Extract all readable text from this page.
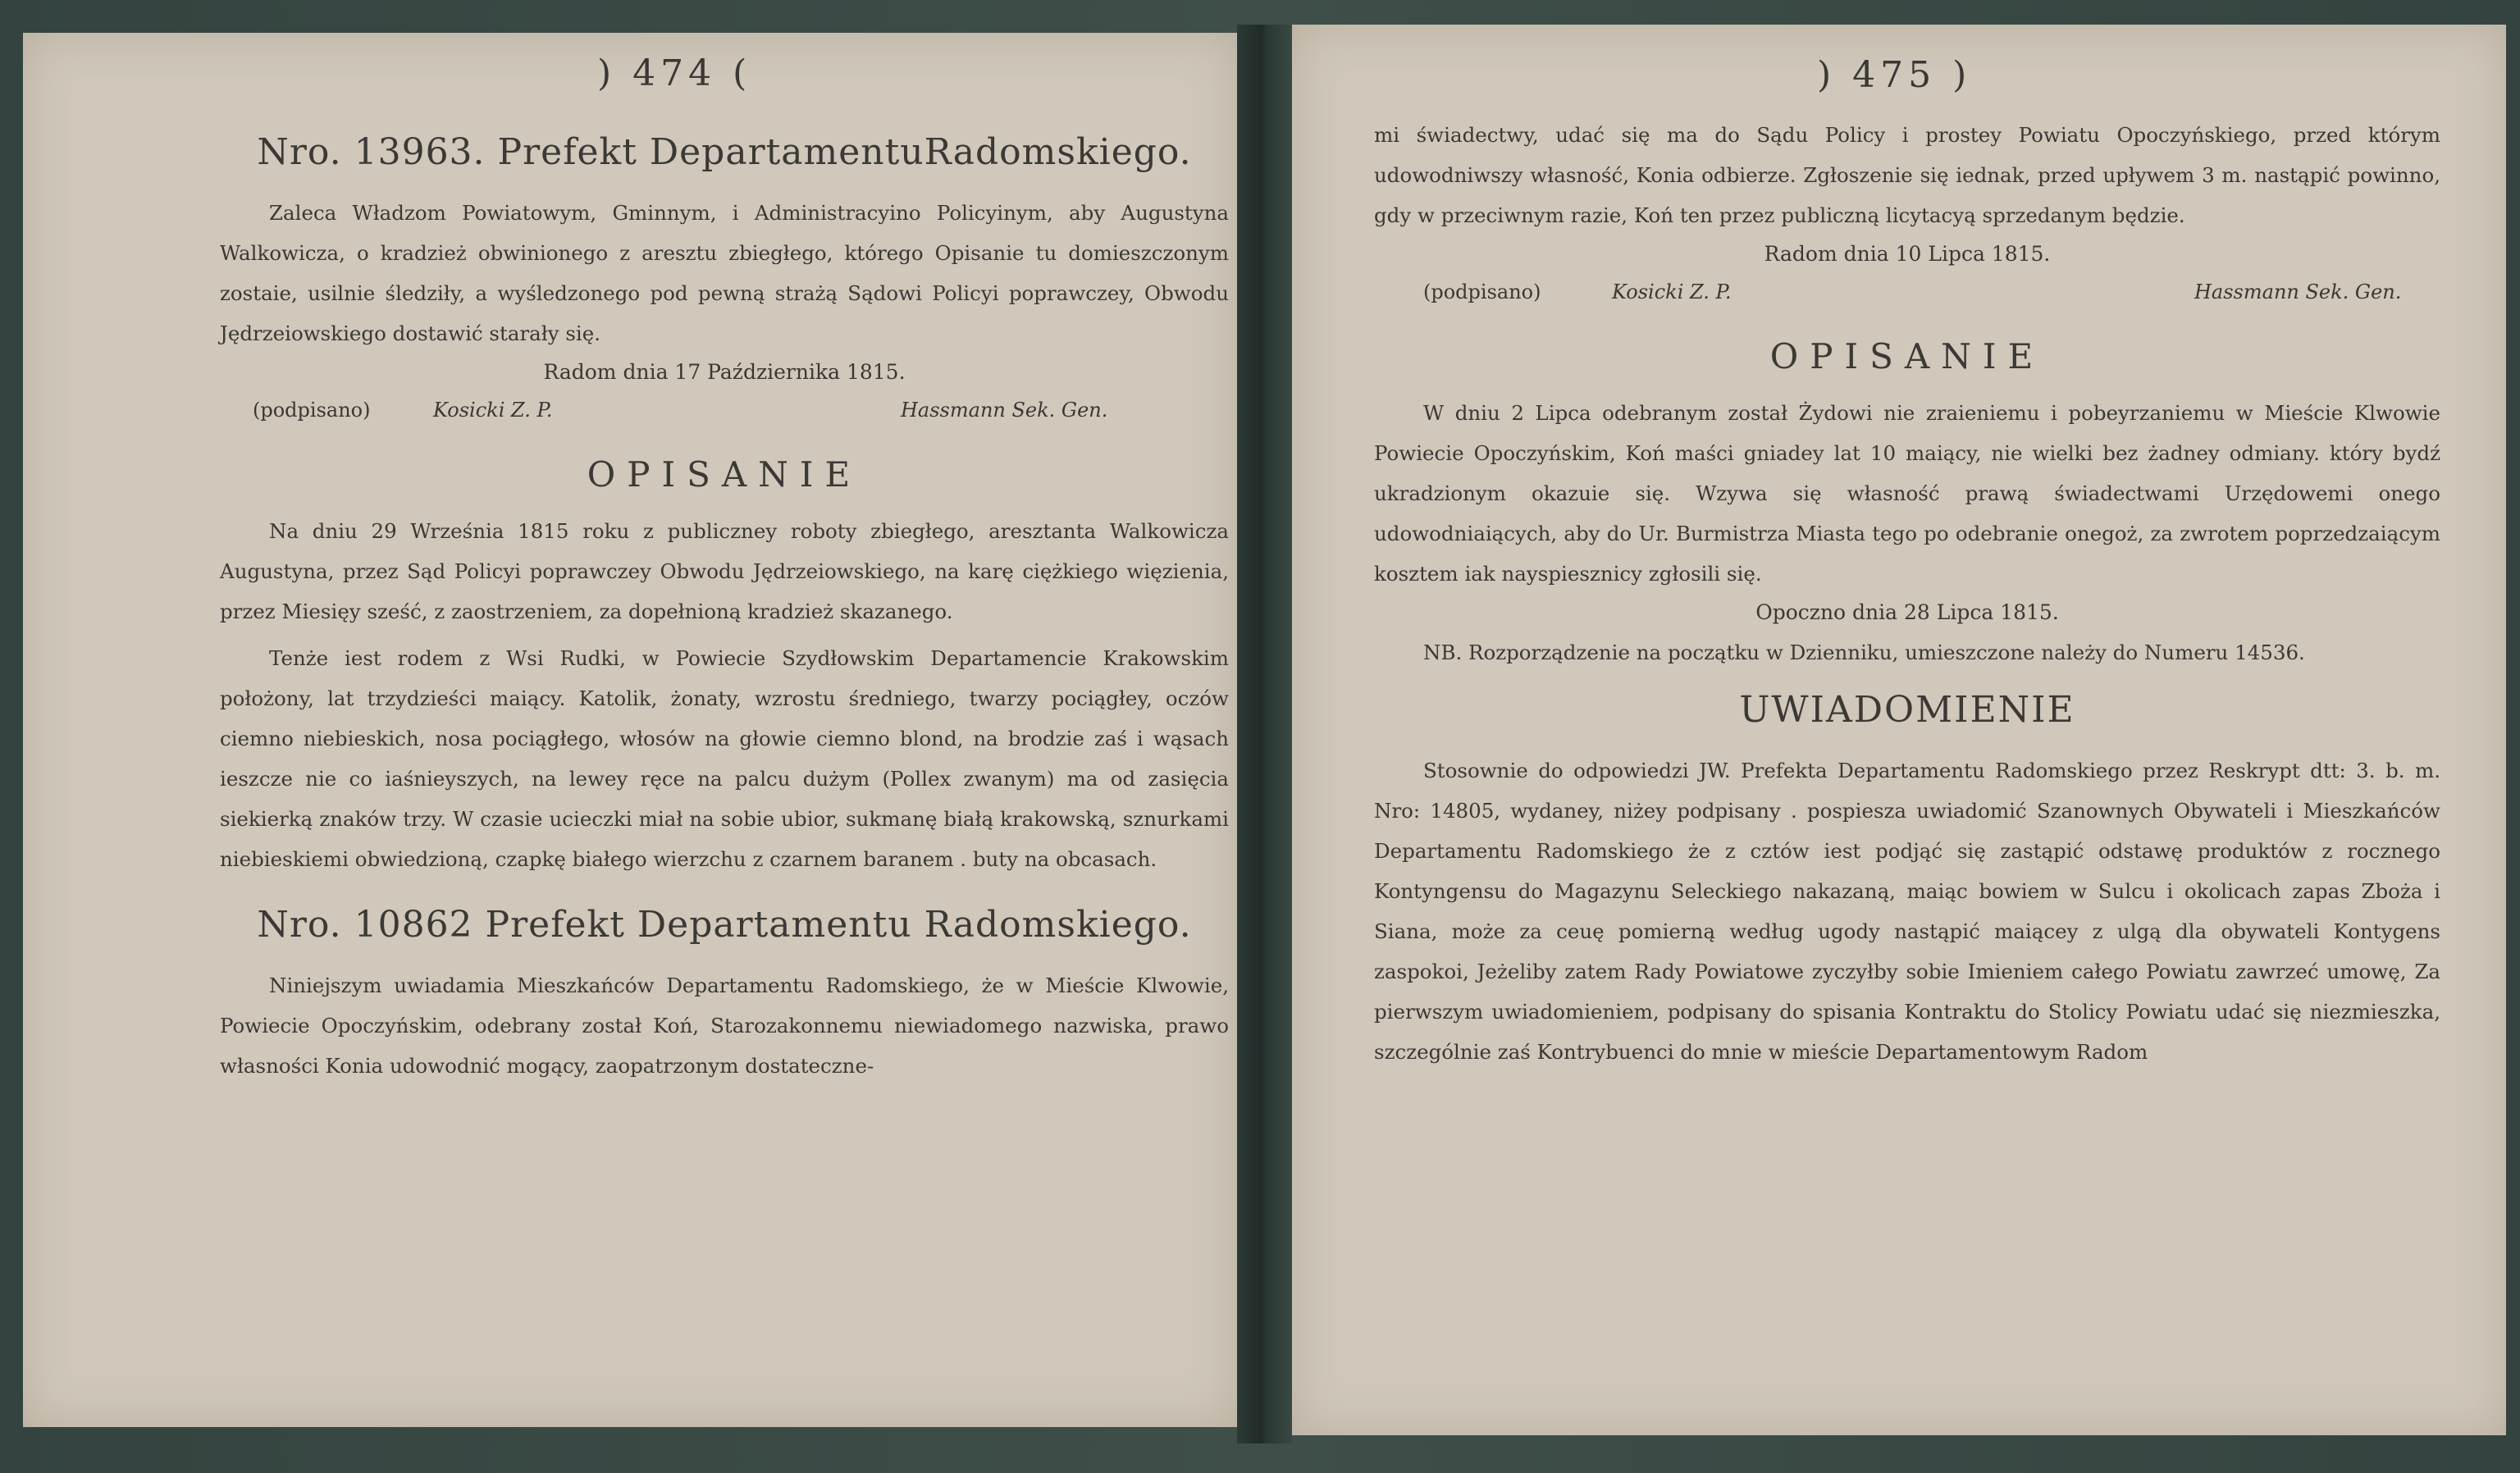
) 474 (
Nro. 13963. Prefekt DepartamentuRadomskiego.

Zaleca Władzom Powiatowym, Gminnym, i Administracyino Policyinym, aby Augustyna Walkowicza, o kradzież obwinionego z aresztu zbiegłego, którego Opisanie tu domieszczonym zostaie, usilnie śledziły, a wyśledzonego pod pewną strażą Sądowi Policyi poprawczey, Obwodu Jędrzeiowskiego dostawić starały się.

Radom dnia 17 Października 1815.
(podpisano)	Kosicki Z. P.	Hassmann Sek. Gen.
OPISANIE

Na dniu 29 Września 1815 roku z publiczney roboty zbiegłego, aresztanta Walkowicza Augustyna, przez Sąd Policyi poprawczey Obwodu Jędrzeiowskiego, na karę ciężkiego więzienia, przez Miesięy sześć, z zaostrzeniem, za dopełnioną kradzież skazanego.

Tenże iest rodem z Wsi Rudki, w Powiecie Szydłowskim Departamencie Krakowskim położony, lat trzydzieści maiący. Katolik, żonaty, wzrostu średniego, twarzy pociągłey, oczów ciemno niebieskich, nosa pociągłego, włosów na głowie ciemno blond, na brodzie zaś i wąsach ieszcze nie co iaśnieyszych, na lewey ręce na palcu dużym (Pollex zwanym) ma od zasięcia siekierką znaków trzy. W czasie ucieczki miał na sobie ubior, sukmanę białą krakowską, sznurkami niebieskiemi obwiedzioną, czapkę białego wierzchu z czarnem baranem . buty na obcasach.

Nro. 10862 Prefekt Departamentu Radomskiego.

Niniejszym uwiadamia Mieszkańców Departamentu Radomskiego, że w Mieście Klwowie, Powiecie Opoczyńskim, odebrany został Koń, Starozakonnemu niewiadomego nazwiska, prawo własności Konia udowodnić mogący, zaopatrzonym dostateczne-

) 475 )

mi świadectwy, udać się ma do Sądu Policy i prostey Powiatu Opoczyńskiego, przed którym udowodniwszy własność, Konia odbierze. Zgłoszenie się iednak, przed upływem 3 m. nastąpić powinno, gdy w przeciwnym razie, Koń ten przez publiczną licytacyą sprzedanym będzie.

Radom dnia 10 Lipca 1815.
(podpisano)	Kosicki Z. P.	Hassmann Sek. Gen.
OPISANIE

W dniu 2 Lipca odebranym został Żydowi nie zraieniemu i pobeyrzaniemu w Mieście Klwowie Powiecie Opoczyńskim, Koń maści gniadey lat 10 maiący, nie wielki bez żadney odmiany. który bydź ukradzionym okazuie się. Wzywa się własność prawą świadectwami Urzędowemi onego udowodniaiących, aby do Ur. Burmistrza Miasta tego po odebranie onegoż, za zwrotem poprzedzaiącym kosztem iak nayspiesznicy zgłosili się.

Opoczno dnia 28 Lipca 1815.

NB. Rozporządzenie na początku w Dzienniku, umieszczone należy do Numeru 14536.

UWIADOMIENIE

Stosownie do odpowiedzi JW. Prefekta Departamentu Radomskiego przez Reskrypt dtt: 3. b. m. Nro: 14805, wydaney, niżey podpisany . pospiesza uwiadomić Szanownych Obywateli i Mieszkańców Departamentu Radomskiego że z cztów iest podjąć się zastąpić odstawę produktów z rocznego Kontyngensu do Magazynu Seleckiego nakazaną, maiąc bowiem w Sulcu i okolicach zapas Zboża i Siana, może za ceuę pomierną według ugody nastąpić maiącey z ulgą dla obywateli Kontygens zaspokoi, Jeżeliby zatem Rady Powiatowe zyczyłby sobie Imieniem całego Powiatu zawrzeć umowę, Za pierwszym uwiadomieniem, podpisany do spisania Kontraktu do Stolicy Powiatu udać się niezmieszka, szczególnie zaś Kontrybuenci do mnie w mieście Departamentowym Radom
